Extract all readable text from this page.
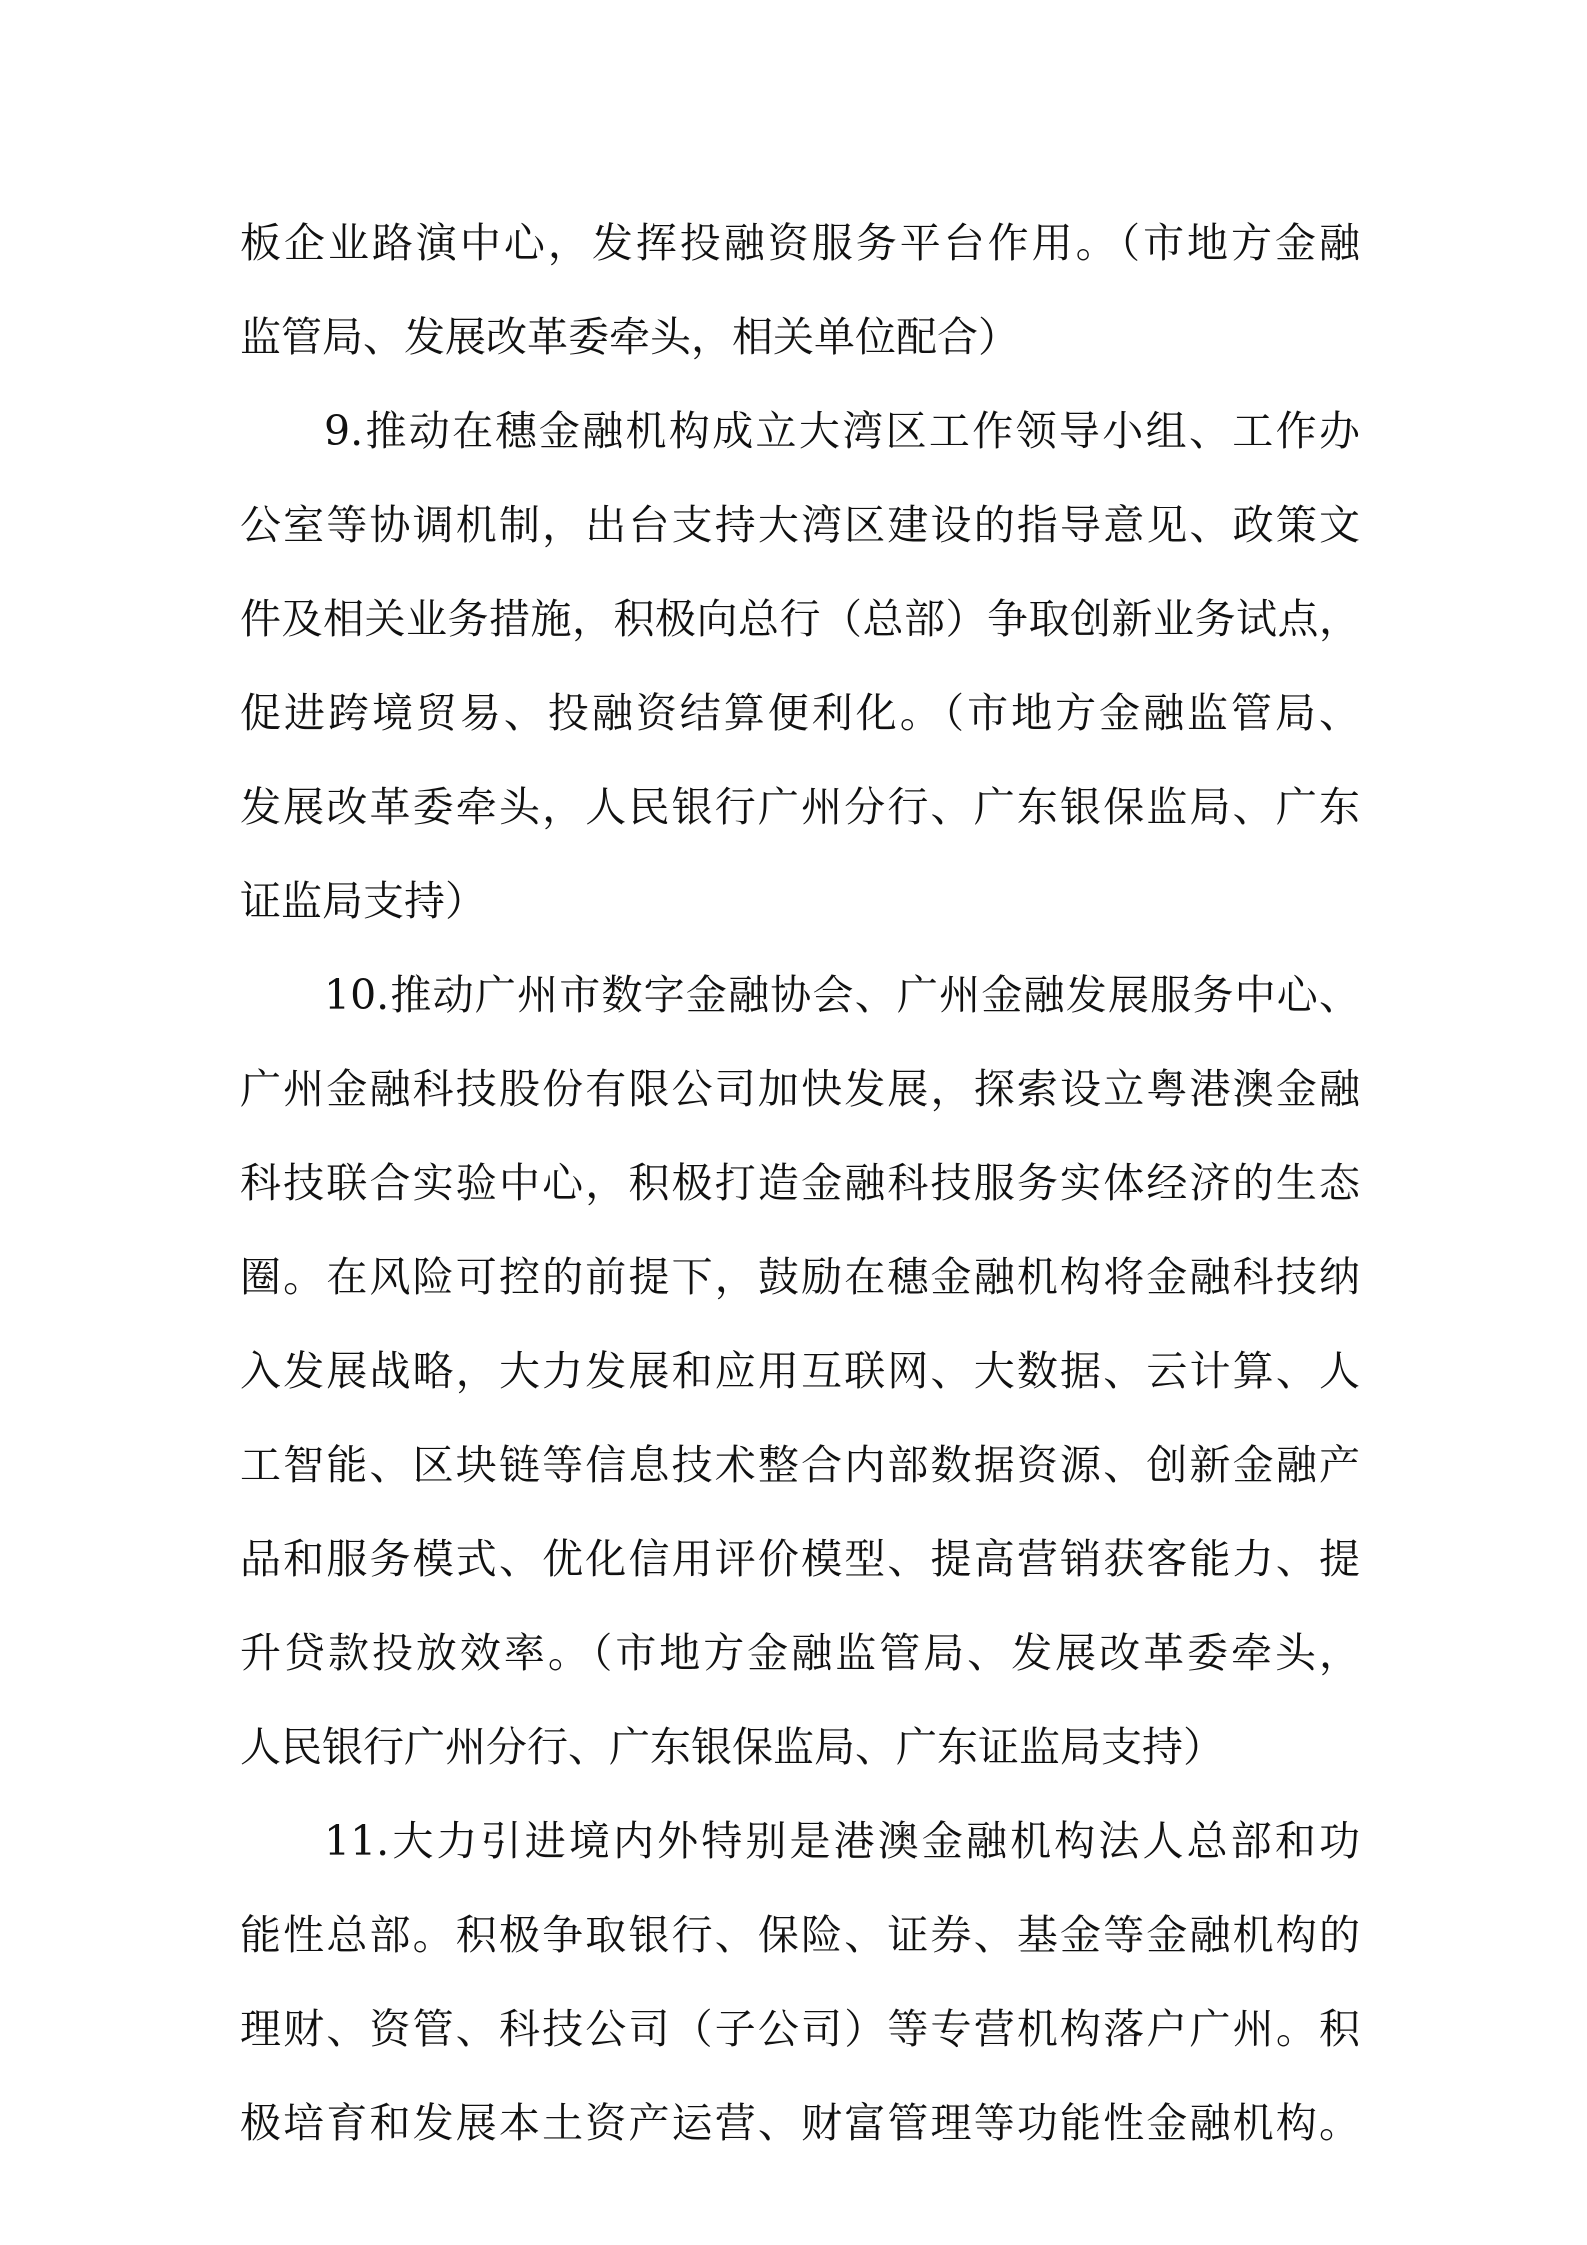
板企业路演中心，发挥投融资服务平台作用。（市地方金融
监管局、发展改革委牵头，相关单位配合）
9.推动在穗金融机构成立大湾区工作领导小组、工作办
公室等协调机制，出台支持大湾区建设的指导意见、政策文
件及相关业务措施，积极向总行（总部）争取创新业务试点，
促进跨境贸易、投融资结算便利化。（市地方金融监管局、
发展改革委牵头，人民银行广州分行、广东银保监局、广东
证监局支持）
10.推动广州市数字金融协会、广州金融发展服务中心、
广州金融科技股份有限公司加快发展，探索设立粤港澳金融
科技联合实验中心，积极打造金融科技服务实体经济的生态
圈。在风险可控的前提下，鼓励在穗金融机构将金融科技纳
入发展战略，大力发展和应用互联网、大数据、云计算、人
工智能、区块链等信息技术整合内部数据资源、创新金融产
品和服务模式、优化信用评价模型、提高营销获客能力、提
升贷款投放效率。（市地方金融监管局、发展改革委牵头，
人民银行广州分行、广东银保监局、广东证监局支持）
11.大力引进境内外特别是港澳金融机构法人总部和功
能性总部。积极争取银行、保险、证券、基金等金融机构的
理财、资管、科技公司（子公司）等专营机构落户广州。积
极培育和发展本土资产运营、财富管理等功能性金融机构。
